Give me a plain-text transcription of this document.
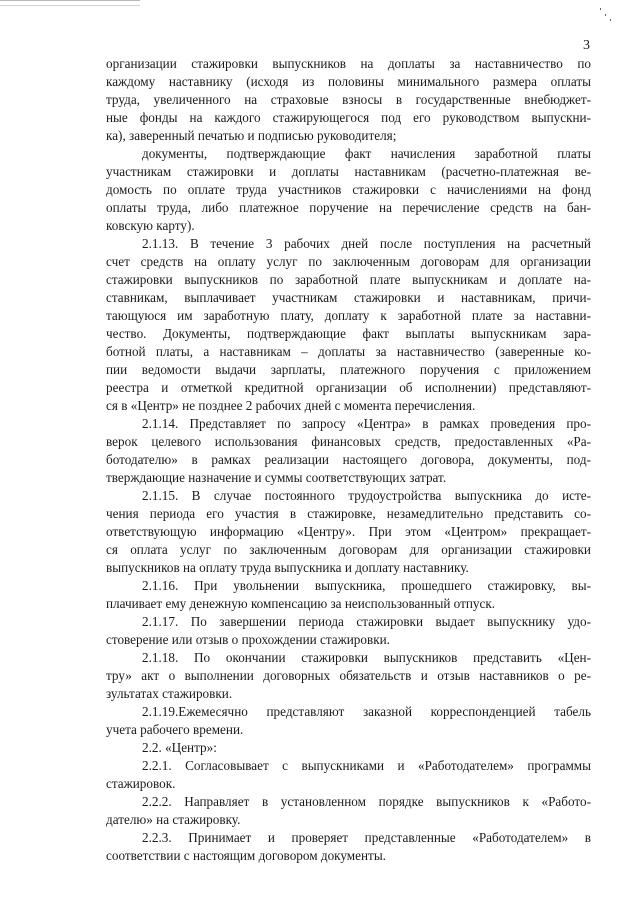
3
организации стажировки выпускников на доплаты за наставничество по
каждому наставнику (исходя из половины минимального размера оплаты
труда, увеличенного на страховые взносы в государственные внебюджет-
ные фонды на каждого стажирующегося под его руководством выпускни-
ка), заверенный печатью и подписью руководителя;
документы, подтверждающие факт начисления заработной платы
участникам стажировки и доплаты наставникам (расчетно-платежная ве-
домость по оплате труда участников стажировки с начислениями на фонд
оплаты труда, либо платежное поручение на перечисление средств на бан-
ковскую карту).
2.1.13. В течение 3 рабочих дней после поступления на расчетный
счет средств на оплату услуг по заключенным договорам для организации
стажировки выпускников по заработной плате выпускникам и доплате на-
ставникам, выплачивает участникам стажировки и наставникам, причи-
тающуюся им заработную плату, доплату к заработной плате за наставни-
чество. Документы, подтверждающие факт выплаты выпускникам зара-
ботной платы, а наставникам – доплаты за наставничество (заверенные ко-
пии ведомости выдачи зарплаты, платежного поручения с приложением
реестра и отметкой кредитной организации об исполнении) представляют-
ся в «Центр» не позднее 2 рабочих дней с момента перечисления.
2.1.14. Представляет по запросу «Центра» в рамках проведения про-
верок целевого использования финансовых средств, предоставленных «Ра-
ботодателю» в рамках реализации настоящего договора, документы, под-
тверждающие назначение и суммы соответствующих затрат.
2.1.15. В случае постоянного трудоустройства выпускника до исте-
чения периода его участия в стажировке, незамедлительно представить со-
ответствующую информацию «Центру». При этом «Центром» прекращает-
ся оплата услуг по заключенным договорам для организации стажировки
выпускников на оплату труда выпускника и доплату наставнику.
2.1.16. При увольнении выпускника, прошедшего стажировку, вы-
плачивает ему денежную компенсацию за неиспользованный отпуск.
2.1.17. По завершении периода стажировки выдает выпускнику удо-
стоверение или отзыв о прохождении стажировки.
2.1.18. По окончании стажировки выпускников представить «Цен-
тру» акт о выполнении договорных обязательств и отзыв наставников о ре-
зультатах стажировки.
2.1.19.Ежемесячно представляют заказной корреспонденцией табель
учета рабочего времени.
2.2. «Центр»:
2.2.1. Согласовывает с выпускниками и «Работодателем» программы
стажировок.
2.2.2. Направляет в установленном порядке выпускников к «Работо-
дателю» на стажировку.
2.2.3. Принимает и проверяет представленные «Работодателем» в
соответствии с настоящим договором документы.
